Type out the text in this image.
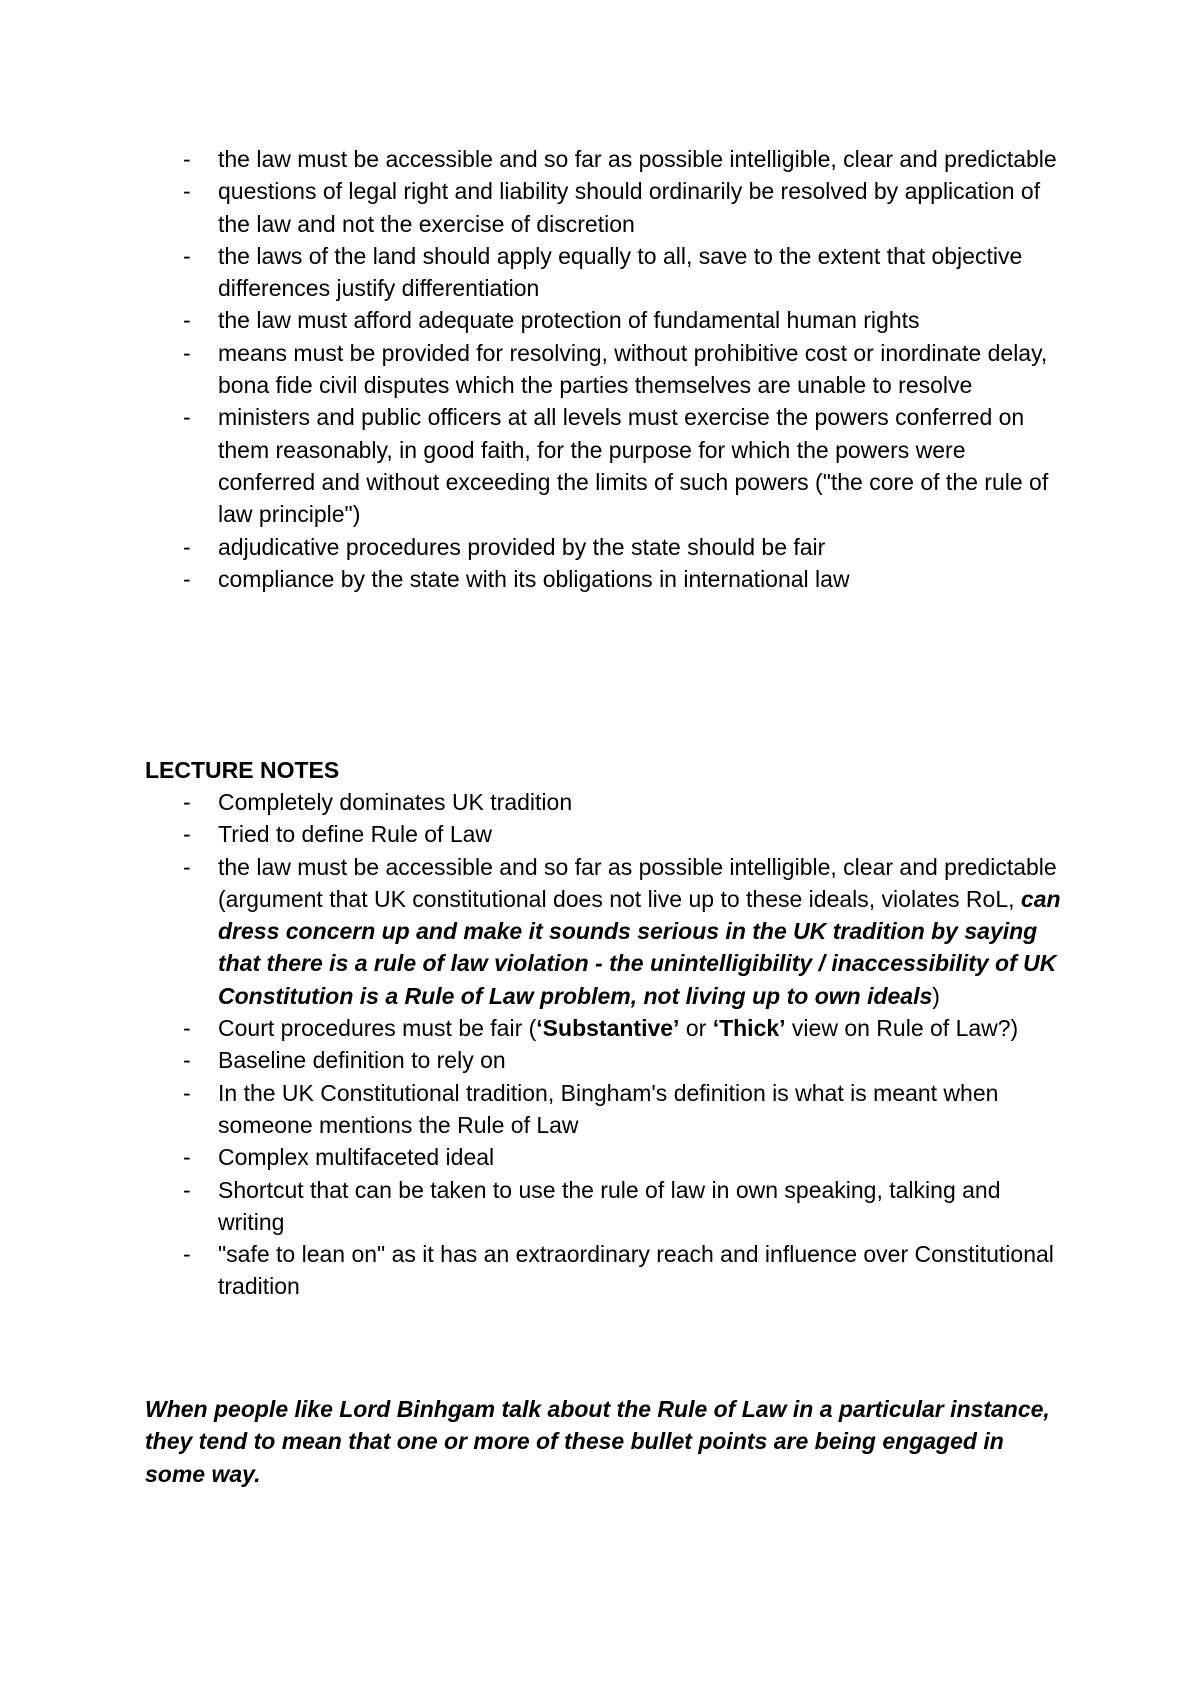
- the law must be accessible and so far as possible intelligible, clear and predictable
- questions of legal right and liability should ordinarily be resolved by application of the law and not the exercise of discretion
- the laws of the land should apply equally to all, save to the extent that objective differences justify differentiation
- the law must afford adequate protection of fundamental human rights
- means must be provided for resolving, without prohibitive cost or inordinate delay, bona fide civil disputes which the parties themselves are unable to resolve
- ministers and public officers at all levels must exercise the powers conferred on them reasonably, in good faith, for the purpose for which the powers were conferred and without exceeding the limits of such powers ("the core of the rule of law principle")
- adjudicative procedures provided by the state should be fair
- compliance by the state with its obligations in international law
LECTURE NOTES
- Completely dominates UK tradition
- Tried to define Rule of Law
- the law must be accessible and so far as possible intelligible, clear and predictable (argument that UK constitutional does not live up to these ideals, violates RoL, can dress concern up and make it sounds serious in the UK tradition by saying that there is a rule of law violation - the unintelligibility / inaccessibility of UK Constitution is a Rule of Law problem, not living up to own ideals)
- Court procedures must be fair (‘Substantive’ or ‘Thick’ view on Rule of Law?)
- Baseline definition to rely on
- In the UK Constitutional tradition, Bingham's definition is what is meant when someone mentions the Rule of Law
- Complex multifaceted ideal
- Shortcut that can be taken to use the rule of law in own speaking, talking and writing
- "safe to lean on" as it has an extraordinary reach and influence over Constitutional tradition

When people like Lord Binhgam talk about the Rule of Law in a particular instance, they tend to mean that one or more of these bullet points are being engaged in some way.
